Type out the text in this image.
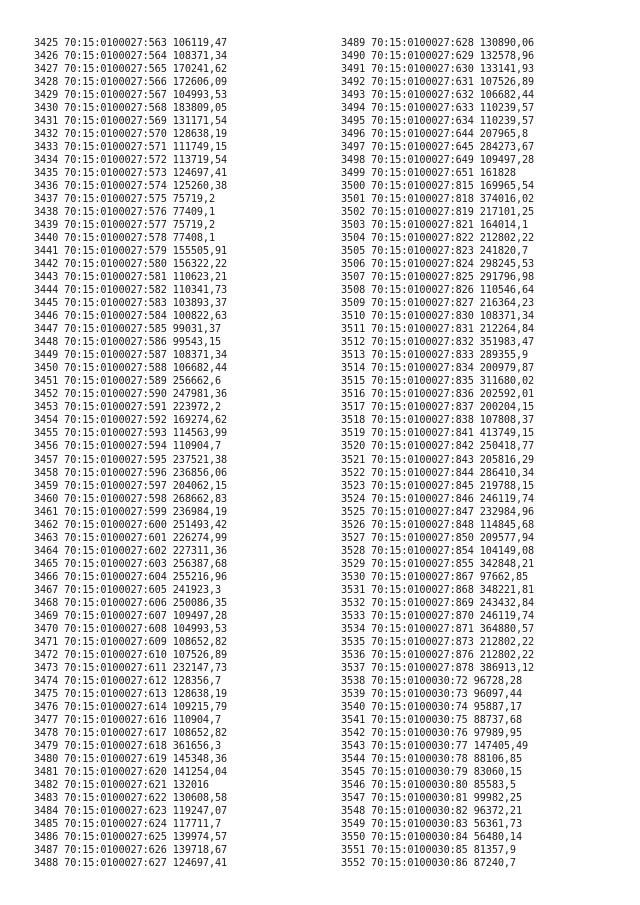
3425 70:15:0100027:563 106119,47
3426 70:15:0100027:564 108371,34
3427 70:15:0100027:565 170241,62
3428 70:15:0100027:566 172606,09
3429 70:15:0100027:567 104993,53
3430 70:15:0100027:568 183809,05
3431 70:15:0100027:569 131171,54
3432 70:15:0100027:570 128638,19
3433 70:15:0100027:571 111749,15
3434 70:15:0100027:572 113719,54
3435 70:15:0100027:573 124697,41
3436 70:15:0100027:574 125260,38
3437 70:15:0100027:575 75719,2
3438 70:15:0100027:576 77409,1
3439 70:15:0100027:577 75719,2
3440 70:15:0100027:578 77408,1
3441 70:15:0100027:579 155505,91
3442 70:15:0100027:580 156322,22
3443 70:15:0100027:581 110623,21
3444 70:15:0100027:582 110341,73
3445 70:15:0100027:583 103893,37
3446 70:15:0100027:584 100822,63
3447 70:15:0100027:585 99031,37
3448 70:15:0100027:586 99543,15
3449 70:15:0100027:587 108371,34
3450 70:15:0100027:588 106682,44
3451 70:15:0100027:589 256662,6
3452 70:15:0100027:590 247981,36
3453 70:15:0100027:591 223972,2
3454 70:15:0100027:592 169274,62
3455 70:15:0100027:593 114563,99
3456 70:15:0100027:594 110904,7
3457 70:15:0100027:595 237521,38
3458 70:15:0100027:596 236856,06
3459 70:15:0100027:597 204062,15
3460 70:15:0100027:598 268662,83
3461 70:15:0100027:599 236984,19
3462 70:15:0100027:600 251493,42
3463 70:15:0100027:601 226274,99
3464 70:15:0100027:602 227311,36
3465 70:15:0100027:603 256387,68
3466 70:15:0100027:604 255216,96
3467 70:15:0100027:605 241923,3
3468 70:15:0100027:606 250086,35
3469 70:15:0100027:607 109497,28
3470 70:15:0100027:608 104993,53
3471 70:15:0100027:609 108652,82
3472 70:15:0100027:610 107526,89
3473 70:15:0100027:611 232147,73
3474 70:15:0100027:612 128356,7
3475 70:15:0100027:613 128638,19
3476 70:15:0100027:614 109215,79
3477 70:15:0100027:616 110904,7
3478 70:15:0100027:617 108652,82
3479 70:15:0100027:618 361656,3
3480 70:15:0100027:619 145348,36
3481 70:15:0100027:620 141254,04
3482 70:15:0100027:621 132016
3483 70:15:0100027:622 130608,58
3484 70:15:0100027:623 119247,07
3485 70:15:0100027:624 117711,7
3486 70:15:0100027:625 139974,57
3487 70:15:0100027:626 139718,67
3488 70:15:0100027:627 124697,41
3489 70:15:0100027:628 130890,06
3490 70:15:0100027:629 132578,96
3491 70:15:0100027:630 133141,93
3492 70:15:0100027:631 107526,89
3493 70:15:0100027:632 106682,44
3494 70:15:0100027:633 110239,57
3495 70:15:0100027:634 110239,57
3496 70:15:0100027:644 207965,8
3497 70:15:0100027:645 284273,67
3498 70:15:0100027:649 109497,28
3499 70:15:0100027:651 161828
3500 70:15:0100027:815 169965,54
3501 70:15:0100027:818 374016,02
3502 70:15:0100027:819 217101,25
3503 70:15:0100027:821 164014,1
3504 70:15:0100027:822 212802,22
3505 70:15:0100027:823 241820,7
3506 70:15:0100027:824 298245,53
3507 70:15:0100027:825 291796,98
3508 70:15:0100027:826 110546,64
3509 70:15:0100027:827 216364,23
3510 70:15:0100027:830 108371,34
3511 70:15:0100027:831 212264,84
3512 70:15:0100027:832 351983,47
3513 70:15:0100027:833 289355,9
3514 70:15:0100027:834 200979,87
3515 70:15:0100027:835 311680,02
3516 70:15:0100027:836 202592,01
3517 70:15:0100027:837 200204,15
3518 70:15:0100027:838 107808,37
3519 70:15:0100027:841 413749,15
3520 70:15:0100027:842 250418,77
3521 70:15:0100027:843 205816,29
3522 70:15:0100027:844 286410,34
3523 70:15:0100027:845 219788,15
3524 70:15:0100027:846 246119,74
3525 70:15:0100027:847 232984,96
3526 70:15:0100027:848 114845,68
3527 70:15:0100027:850 209577,94
3528 70:15:0100027:854 104149,08
3529 70:15:0100027:855 342848,21
3530 70:15:0100027:867 97662,85
3531 70:15:0100027:868 348221,81
3532 70:15:0100027:869 243432,84
3533 70:15:0100027:870 246119,74
3534 70:15:0100027:871 364880,57
3535 70:15:0100027:873 212802,22
3536 70:15:0100027:876 212802,22
3537 70:15:0100027:878 386913,12
3538 70:15:0100030:72 96728,28
3539 70:15:0100030:73 96097,44
3540 70:15:0100030:74 95887,17
3541 70:15:0100030:75 88737,68
3542 70:15:0100030:76 97989,95
3543 70:15:0100030:77 147405,49
3544 70:15:0100030:78 88106,85
3545 70:15:0100030:79 83060,15
3546 70:15:0100030:80 85583,5
3547 70:15:0100030:81 99982,25
3548 70:15:0100030:82 96372,21
3549 70:15:0100030:83 56361,73
3550 70:15:0100030:84 56480,14
3551 70:15:0100030:85 81357,9
3552 70:15:0100030:86 87240,7
